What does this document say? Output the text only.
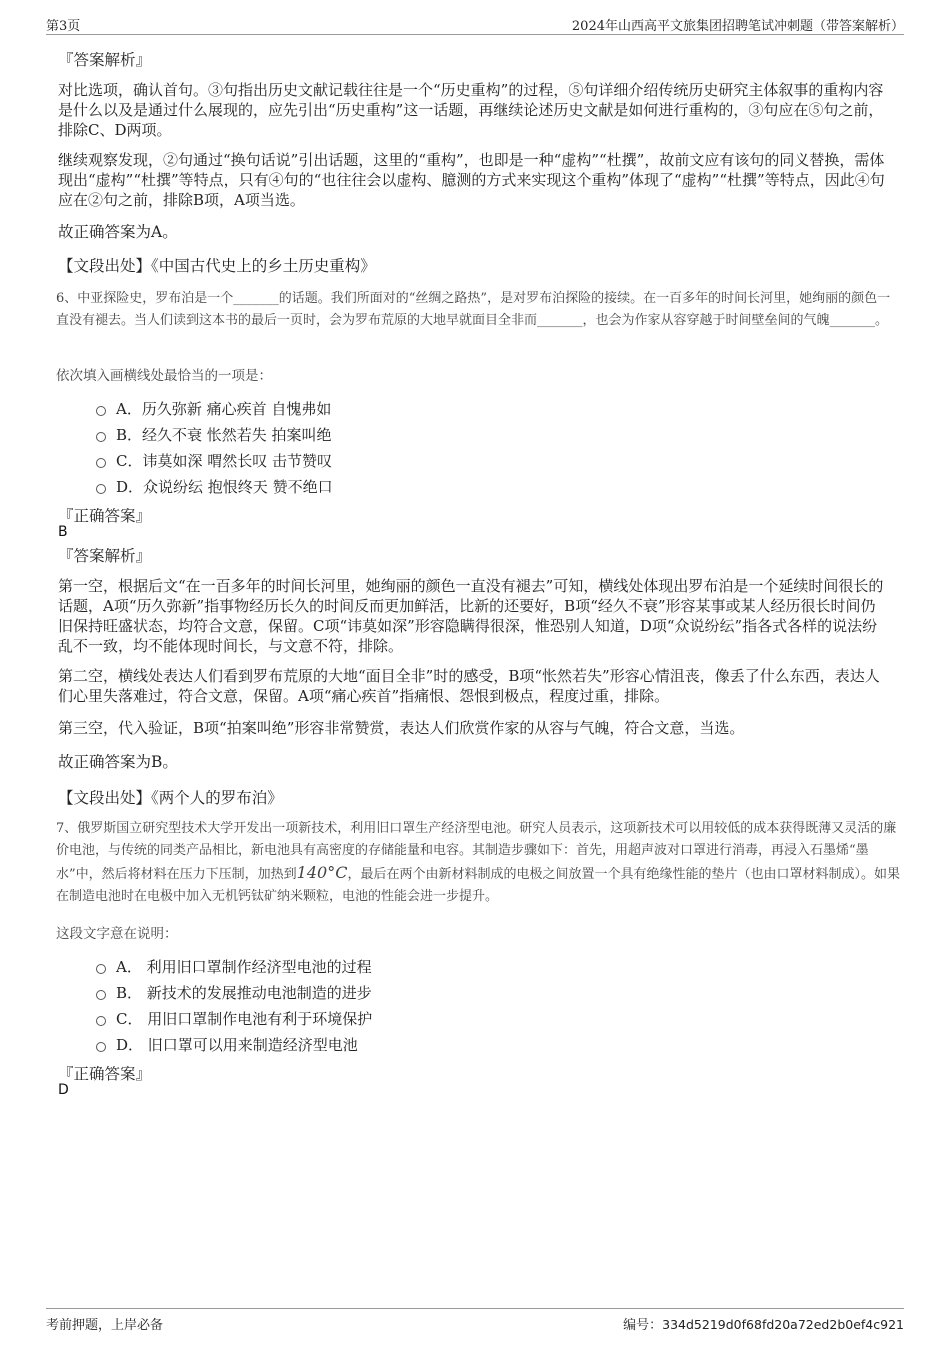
第3页	2024年山西高平文旅集团招聘笔试冲刺题（带答案解析）
『答案解析』

对比选项，确认首句。③句指出历史文献记载往往是一个“历史重构”的过程，⑤句详细介绍传统历史研究主体叙事的重构内容是什么以及是通过什么展现的，应先引出“历史重构”这一话题，再继续论述历史文献是如何进行重构的，③句应在⑤句之前，排除C、D两项。

继续观察发现，②句通过“换句话说”引出话题，这里的“重构”，也即是一种“虚构”“杜撰”，故前文应有该句的同义替换，需体现出“虚构”“杜撰”等特点，只有④句的“也往往会以虚构、臆测的方式来实现这个重构”体现了“虚构”“杜撰”等特点，因此④句应在②句之前，排除B项，A项当选。

故正确答案为A。
【文段出处】《中国古代史上的乡土历史重构》

6、中亚探险史，罗布泊是一个_______的话题。我们所面对的“丝绸之路热”，是对罗布泊探险的接续。在一百多年的时间长河里，她绚丽的颜色一直没有褪去。当人们读到这本书的最后一页时，会为罗布荒原的大地早就面目全非而_______，也会为作家从容穿越于时间壁垒间的气魄_______。

依次填入画横线处最恰当的一项是：
A．历久弥新 痛心疾首 自愧弗如
B．经久不衰 怅然若失 拍案叫绝
C．讳莫如深 喟然长叹 击节赞叹
D．众说纷纭 抱恨终天 赞不绝口
『正确答案』
B
『答案解析』

第一空，根据后文“在一百多年的时间长河里，她绚丽的颜色一直没有褪去”可知，横线处体现出罗布泊是一个延续时间很长的话题，A项“历久弥新”指事物经历长久的时间反而更加鲜活，比新的还要好，B项“经久不衰”形容某事或某人经历很长时间仍旧保持旺盛状态，均符合文意，保留。C项“讳莫如深”形容隐瞒得很深，惟恐别人知道，D项“众说纷纭”指各式各样的说法纷乱不一致，均不能体现时间长，与文意不符，排除。

第二空，横线处表达人们看到罗布荒原的大地“面目全非”时的感受，B项“怅然若失”形容心情沮丧，像丢了什么东西，表达人们心里失落难过，符合文意，保留。A项“痛心疾首”指痛恨、怨恨到极点，程度过重，排除。

第三空，代入验证，B项“拍案叫绝”形容非常赞赏，表达人们欣赏作家的从容与气魄，符合文意，当选。

故正确答案为B。
【文段出处】《两个人的罗布泊》

7、俄罗斯国立研究型技术大学开发出一项新技术，利用旧口罩生产经济型电池。研究人员表示，这项新技术可以用较低的成本获得既薄又灵活的廉价电池，与传统的同类产品相比，新电池具有高密度的存储能量和电容。其制造步骤如下：首先，用超声波对口罩进行消毒，再浸入石墨烯“墨水”中，然后将材料在压力下压制，加热到140°C，最后在两个由新材料制成的电极之间放置一个具有绝缘性能的垫片（也由口罩材料制成）。如果在制造电池时在电极中加入无机钙钛矿纳米颗粒，电池的性能会进一步提升。

这段文字意在说明：
A． 利用旧口罩制作经济型电池的过程
B． 新技术的发展推动电池制造的进步
C． 用旧口罩制作电池有利于环境保护
D． 旧口罩可以用来制造经济型电池
『正确答案』
D
考前押题，上岸必备	编号：334d5219d0f68fd20a72ed2b0ef4c921
